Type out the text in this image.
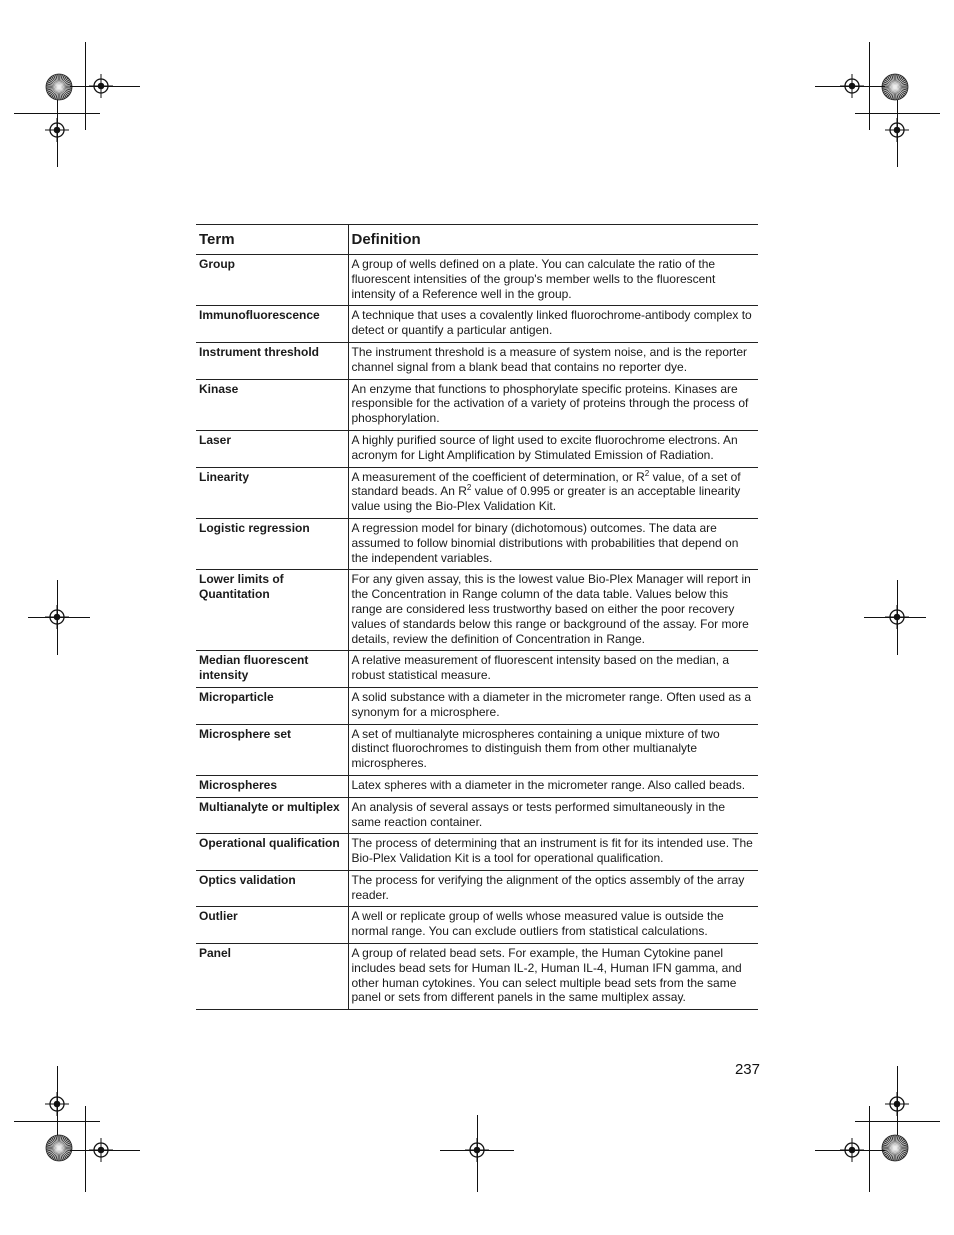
Term	Definition
Group	A group of wells defined on a plate. You can calculate the ratio of the fluorescent intensities of the group's member wells to the fluorescent intensity of a Reference well in the group.
Immunofluorescence	A technique that uses a covalently linked fluorochrome-antibody complex to detect or quantify a particular antigen.
Instrument threshold	The instrument threshold is a measure of system noise, and is the reporter channel signal from a blank bead that contains no reporter dye.
Kinase	An enzyme that functions to phosphorylate specific proteins. Kinases are responsible for the activation of a variety of proteins through the process of phosphorylation.
Laser	A highly purified source of light used to excite fluorochrome electrons. An acronym for Light Amplification by Stimulated Emission of Radiation.
Linearity	A measurement of the coefficient of determination, or $R^2$ value, of a set of standard beads. An $R^2$ value of 0.995 or greater is an acceptable linearity value using the Bio-Plex Validation Kit.
Logistic regression	A regression model for binary (dichotomous) outcomes. The data are assumed to follow binomial distributions with probabilities that depend on the independent variables.
Lower limits of Quantitation	For any given assay, this is the lowest value Bio-Plex Manager will report in the Concentration in Range column of the data table. Values below this range are considered less trustworthy based on either the poor recovery values of standards below this range or background of the assay. For more details, review the definition of Concentration in Range.
Median fluorescent intensity	A relative measurement of fluorescent intensity based on the median, a robust statistical measure.
Microparticle	A solid substance with a diameter in the micrometer range. Often used as a synonym for a microsphere.
Microsphere set	A set of multianalyte microspheres containing a unique mixture of two distinct fluorochromes to distinguish them from other multianalyte microspheres.
Microspheres	Latex spheres with a diameter in the micrometer range. Also called beads.
Multianalyte or multiplex	An analysis of several assays or tests performed simultaneously in the same reaction container.
Operational qualification	The process of determining that an instrument is fit for its intended use. The Bio-Plex Validation Kit is a tool for operational qualification.
Optics validation	The process for verifying the alignment of the optics assembly of the array reader.
Outlier	A well or replicate group of wells whose measured value is outside the normal range. You can exclude outliers from statistical calculations.
Panel	A group of related bead sets. For example, the Human Cytokine panel includes bead sets for Human IL-2, Human IL-4, Human IFN gamma, and other human cytokines. You can select multiple bead sets from the same panel or sets from different panels in the same multiplex assay.
237
